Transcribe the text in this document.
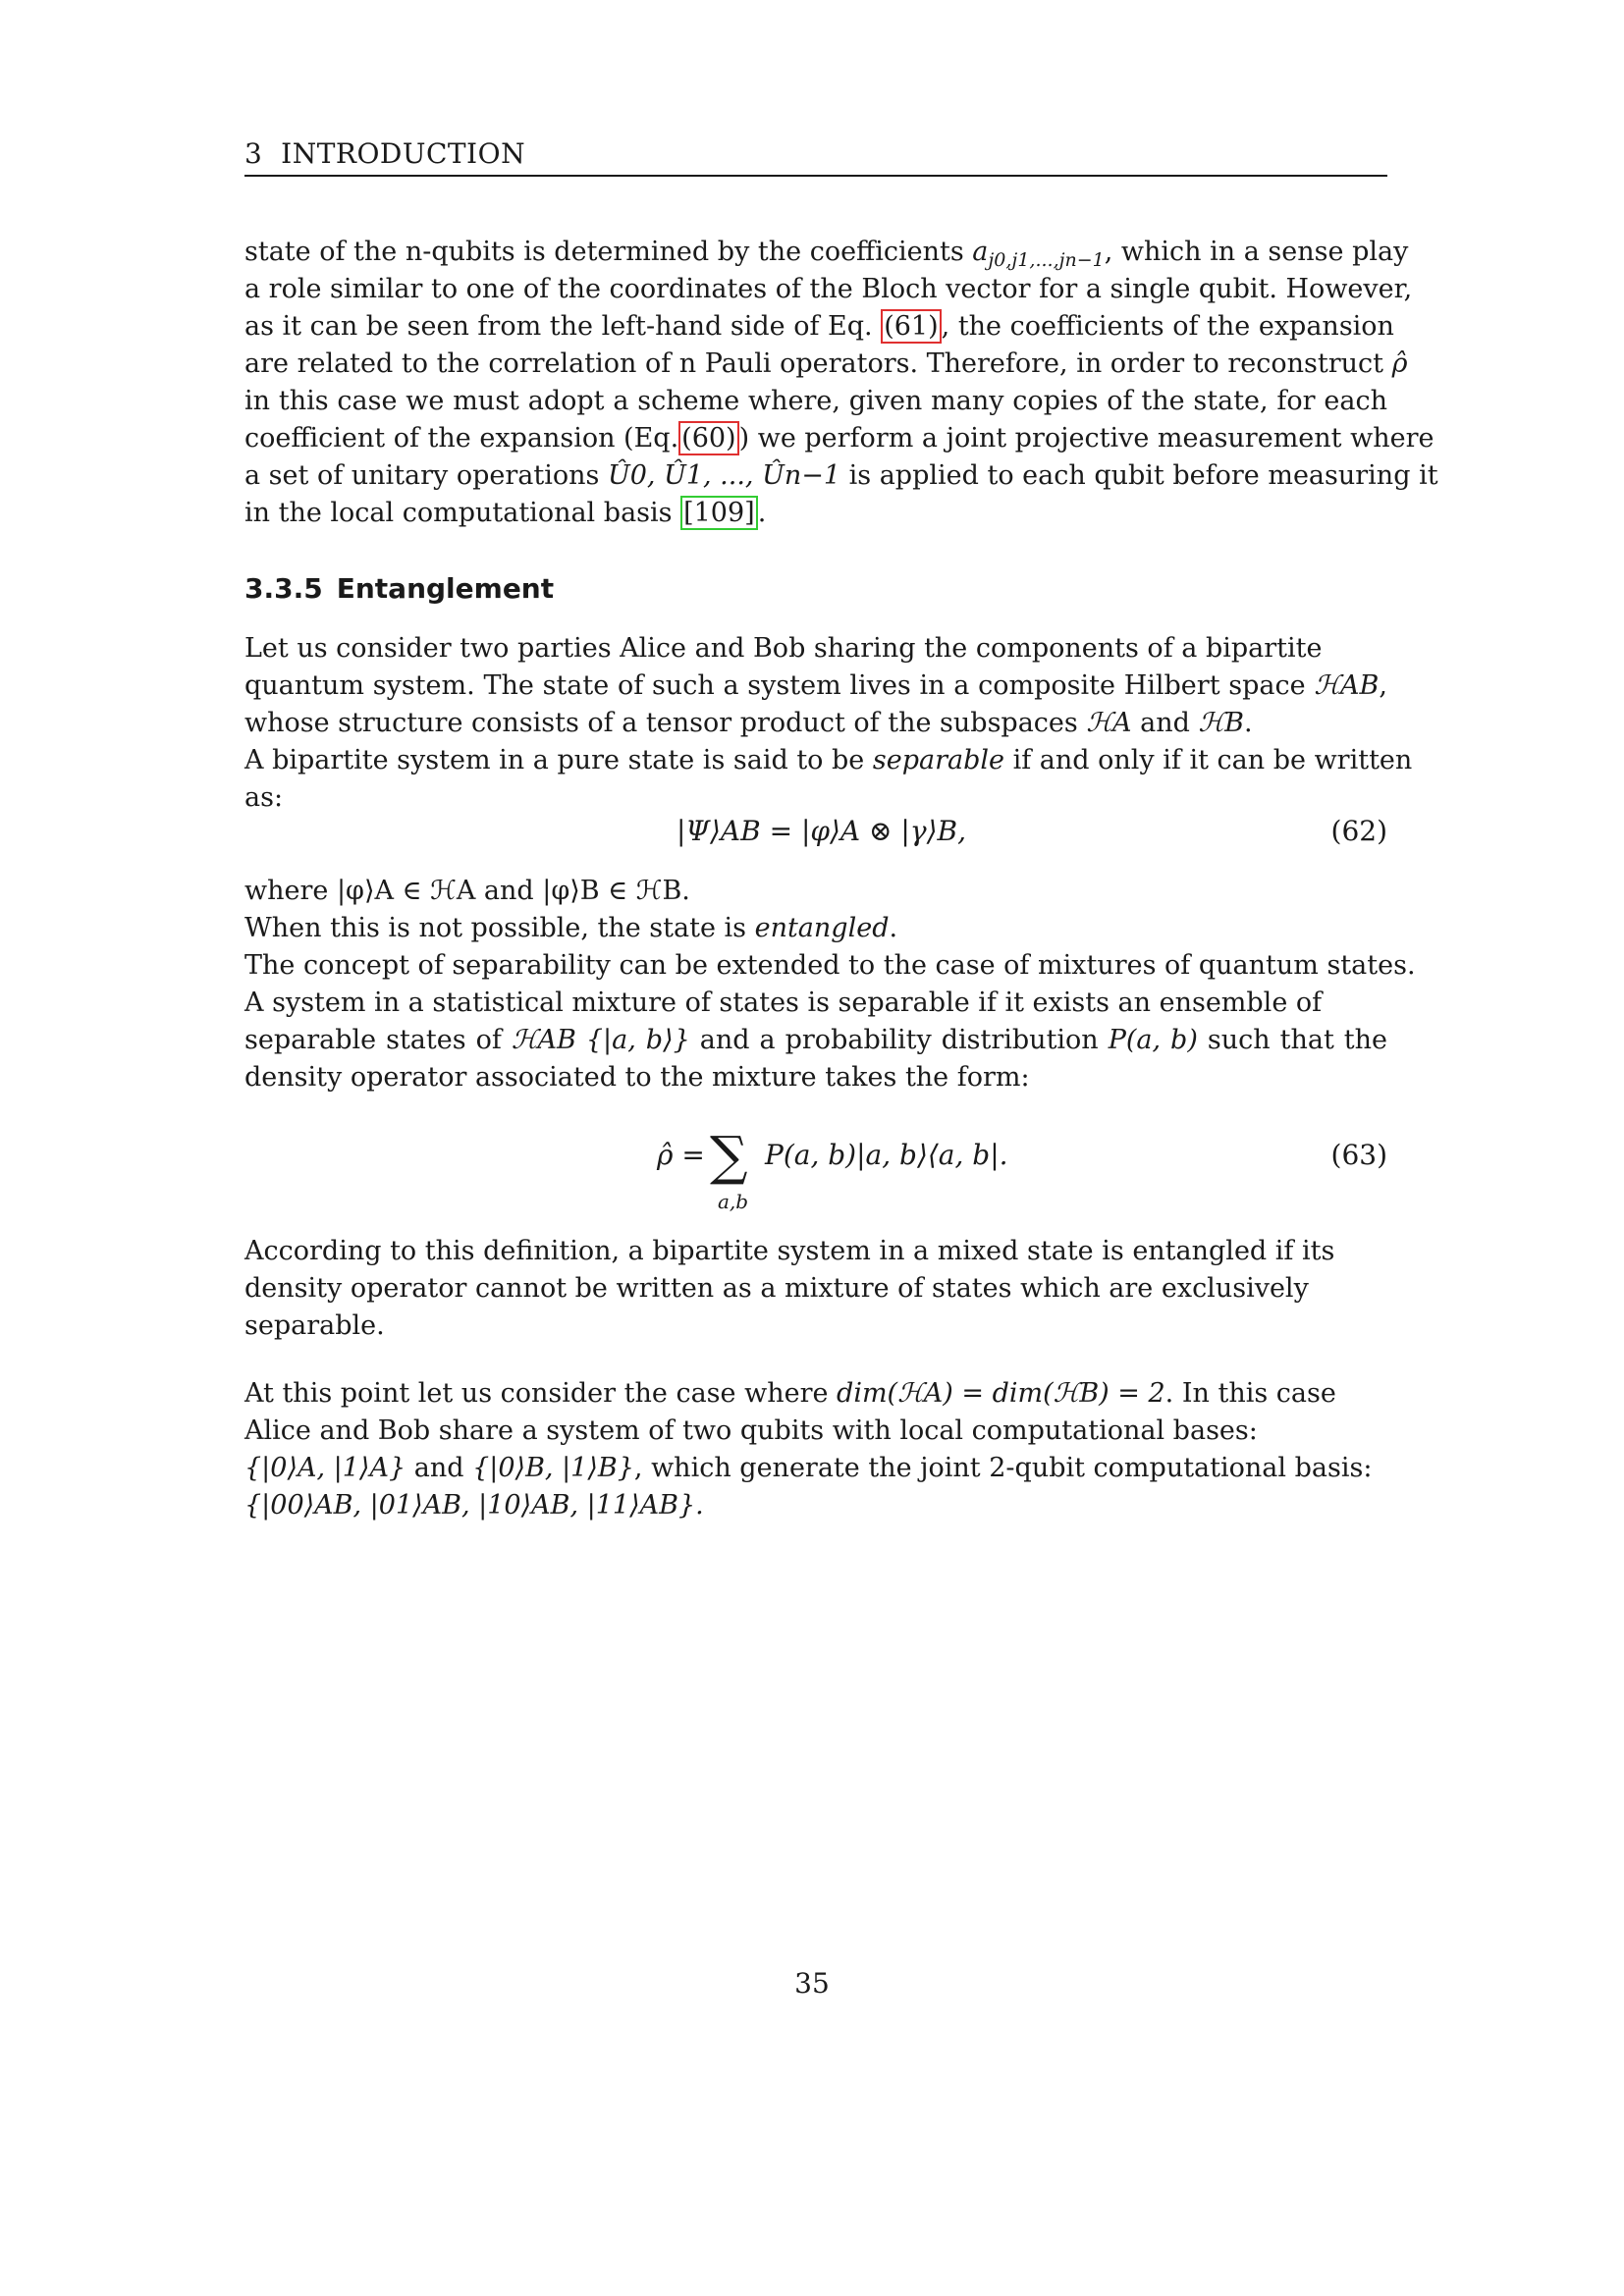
3 INTRODUCTION
state of the n-qubits is determined by the coefficients $a_{j0,j1,...,jn-1}$, which in a sense play
a role similar to one of the coordinates of the Bloch vector for a single qubit. However,
as it can be seen from the left-hand side of Eq. (61) , the coefficients of the expansion
are related to the correlation of n Pauli operators. Therefore, in order to reconstruct ρ̂
in this case we must adopt a scheme where, given many copies of the state, for each
coefficient of the expansion (Eq. (60) ) we perform a joint projective measurement where
a set of unitary operations Û0, Û1, ..., Ûn−1 is applied to each qubit before measuring it
in the local computational basis [109] .
3.3.5 Entanglement
Let us consider two parties Alice and Bob sharing the components of a bipartite
quantum system. The state of such a system lives in a composite Hilbert space ℋAB,
whose structure consists of a tensor product of the subspaces ℋA and ℋB.
A bipartite system in a pure state is said to be separable if and only if it can be written
as:
|Ψ⟩AB = |φ⟩A ⊗ |γ⟩B,	(62)
where |φ⟩A ∈ ℋA and |φ⟩B ∈ ℋB.
When this is not possible, the state is entangled.
The concept of separability can be extended to the case of mixtures of quantum states.
A system in a statistical mixture of states is separable if it exists an ensemble of
separable states of ℋAB {|a, b⟩} and a probability distribution P(a, b) such that the
density operator associated to the mixture takes the form:
ρ̂ = ∑
a,b
P(a, b)|a, b⟩⟨a, b|.	(63)
According to this definition, a bipartite system in a mixed state is entangled if its
density operator cannot be written as a mixture of states which are exclusively
separable.
At this point let us consider the case where dim(ℋA) = dim(ℋB) = 2. In this case
Alice and Bob share a system of two qubits with local computational bases:
{|0⟩A, |1⟩A} and {|0⟩B, |1⟩B}, which generate the joint 2-qubit computational basis:
{|00⟩AB, |01⟩AB, |10⟩AB, |11⟩AB}.
35
